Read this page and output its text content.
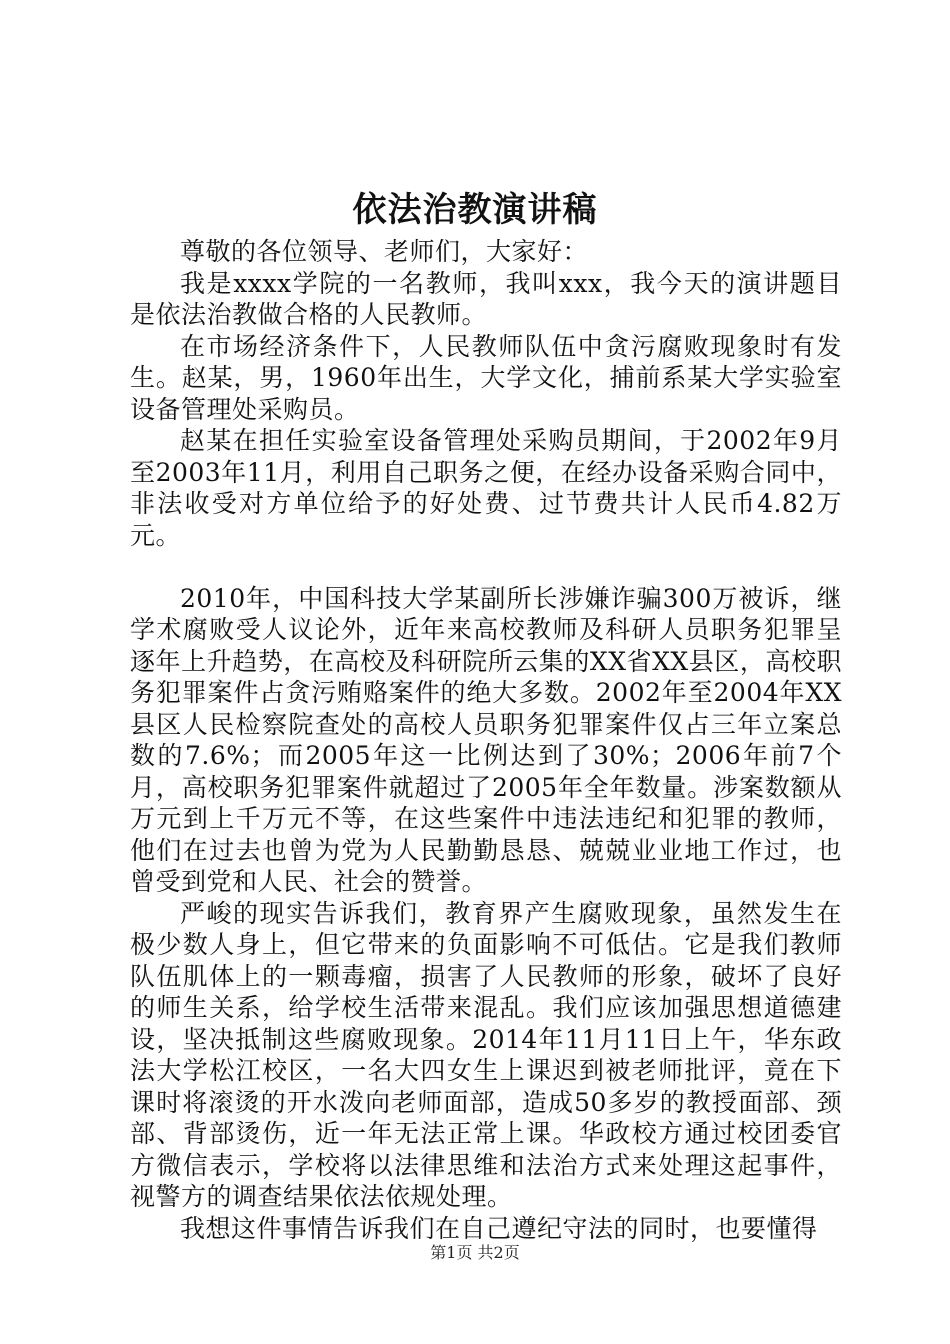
依法治教演讲稿

尊敬的各位领导、老师们，大家好：

我是xxxx学院的一名教师，我叫xxx，我今天的演讲题目是依法治教做合格的人民教师。

在市场经济条件下，人民教师队伍中贪污腐败现象时有发生。赵某，男，1960年出生，大学文化，捕前系某大学实验室设备管理处采购员。

赵某在担任实验室设备管理处采购员期间，于2002年9月至2003年11月，利用自己职务之便，在经办设备采购合同中，非法收受对方单位给予的好处费、过节费共计人民币4.82万元。

2010年，中国科技大学某副所长涉嫌诈骗300万被诉，继学术腐败受人议论外，近年来高校教师及科研人员职务犯罪呈逐年上升趋势，在高校及科研院所云集的XX省XX县区，高校职务犯罪案件占贪污贿赂案件的绝大多数。2002年至2004年XX县区人民检察院查处的高校人员职务犯罪案件仅占三年立案总数的7.6%；而2005年这一比例达到了30%；2006年前7个月，高校职务犯罪案件就超过了2005年全年数量。涉案数额从万元到上千万元不等，在这些案件中违法违纪和犯罪的教师，他们在过去也曾为党为人民勤勤恳恳、兢兢业业地工作过，也曾受到党和人民、社会的赞誉。

严峻的现实告诉我们，教育界产生腐败现象，虽然发生在极少数人身上，但它带来的负面影响不可低估。它是我们教师队伍肌体上的一颗毒瘤，损害了人民教师的形象，破坏了良好的师生关系，给学校生活带来混乱。我们应该加强思想道德建设，坚决抵制这些腐败现象。2014年11月11日上午，华东政法大学松江校区，一名大四女生上课迟到被老师批评，竟在下课时将滚烫的开水泼向老师面部，造成50多岁的教授面部、颈部、背部烫伤，近一年无法正常上课。华政校方通过校团委官方微信表示，学校将以法律思维和法治方式来处理这起事件，视警方的调查结果依法依规处理。

我想这件事情告诉我们在自己遵纪守法的同时，也要懂得

第1页 共2页
